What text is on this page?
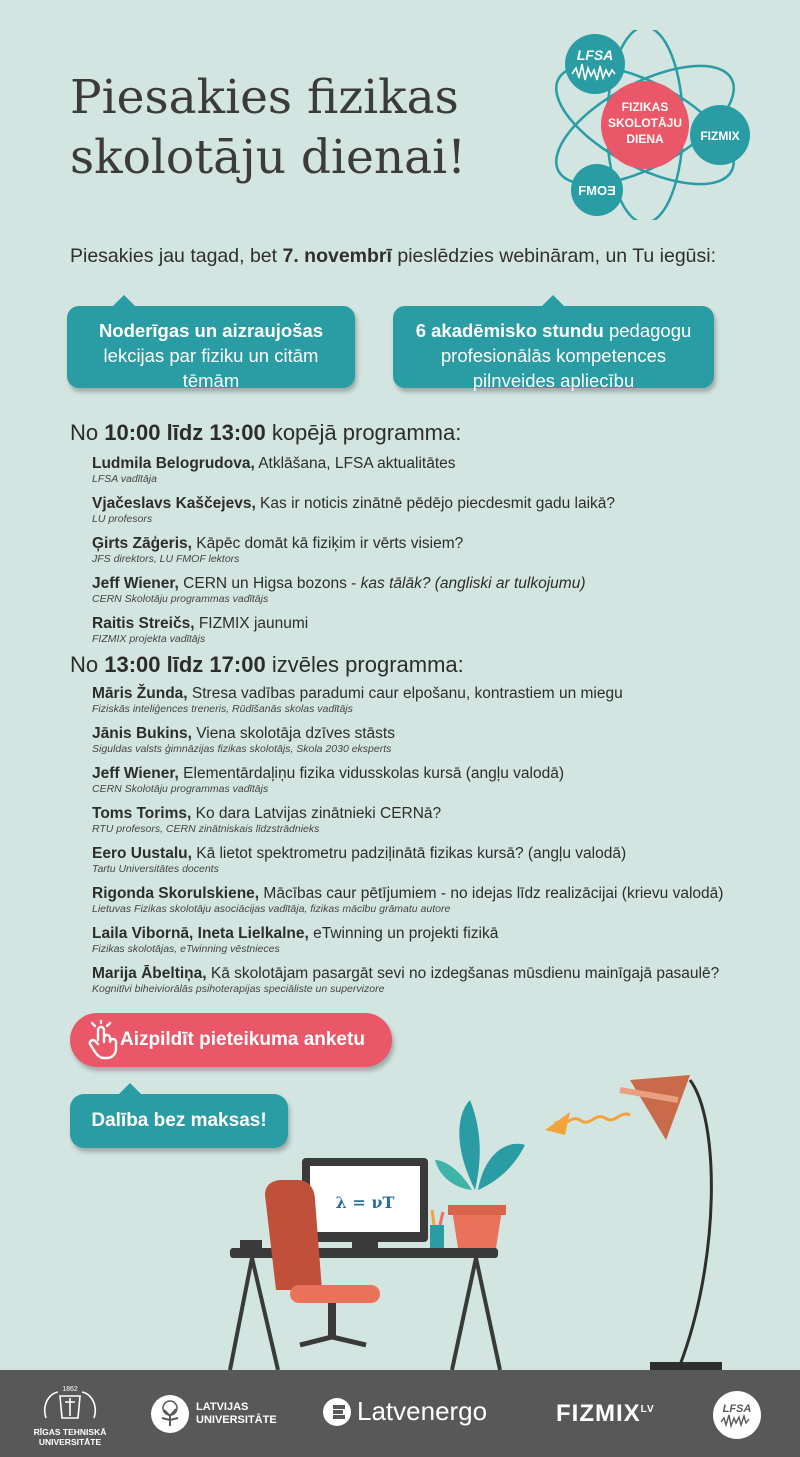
Piesakies fizikas
skolotāju dienai!
FIZIKAS
SKOLOTĀJU
DIENA
LFSA
FIZMIX
FMOƎ
Piesakies jau tagad, bet 7. novembrī pieslēdzies webināram, un Tu iegūsi:
Noderīgas un aizraujošas
lekcijas par fiziku un citām tēmām
6 akadēmisko stundu pedagogu
profesionālās kompetences pilnveides apliecību
No 10:00 līdz 13:00 kopējā programma:
Ludmila Belogrudova, Atklāšana, LFSA aktualitātes
LFSA vadītāja
Vjačeslavs Kaščejevs, Kas ir noticis zinātnē pēdējo piecdesmit gadu laikā?
LU profesors
Ģirts Zāģeris, Kāpēc domāt kā fiziķim ir vērts visiem?
JFS direktors, LU FMOF lektors
Jeff Wiener, CERN un Higsa bozons - kas tālāk? (angliski ar tulkojumu)
CERN Skolotāju programmas vadītājs
Raitis Streičs, FIZMIX jaunumi
FIZMIX projekta vadītājs
No 13:00 līdz 17:00 izvēles programma:
Māris Žunda, Stresa vadības paradumi caur elpošanu, kontrastiem un miegu
Fiziskās inteliģences treneris, Rūdīšanās skolas vadītājs
Jānis Bukins, Viena skolotāja dzīves stāsts
Siguldas valsts ģimnāzijas fizikas skolotājs, Skola 2030 eksperts
Jeff Wiener, Elementārdaļiņu fizika vidusskolas kursā (angļu valodā)
CERN Skolotāju programmas vadītājs
Toms Torims, Ko dara Latvijas zinātnieki CERNā?
RTU profesors, CERN zinātniskais līdzstrādnieks
Eero Uustalu, Kā lietot spektrometru padziļinātā fizikas kursā? (angļu valodā)
Tartu Universitātes docents
Rigonda Skorulskiene, Mācības caur pētījumiem - no idejas līdz realizācijai (krievu valodā)
Lietuvas Fizikas skolotāju asociācijas vadītāja, fizikas mācību grāmatu autore
Laila Vibornā, Ineta Lielkalne, eTwinning un projekti fizikā
Fizikas skolotājas, eTwinning vēstnieces
Marija Ābeltiņa, Kā skolotājam pasargāt sevi no izdegšanas mūsdienu mainīgajā pasaulē?
Kognitīvi biheiviorālās psihoterapijas speciāliste un supervizore
Aizpildīt pieteikuma anketu
Dalība bez maksas!
λ = νT
1862
RĪGAS TEHNISKĀ
UNIVERSITĀTE
LATVIJAS
UNIVERSITĀTE	Latvenergo	$FIZMIX^{LV}$	LFSA
